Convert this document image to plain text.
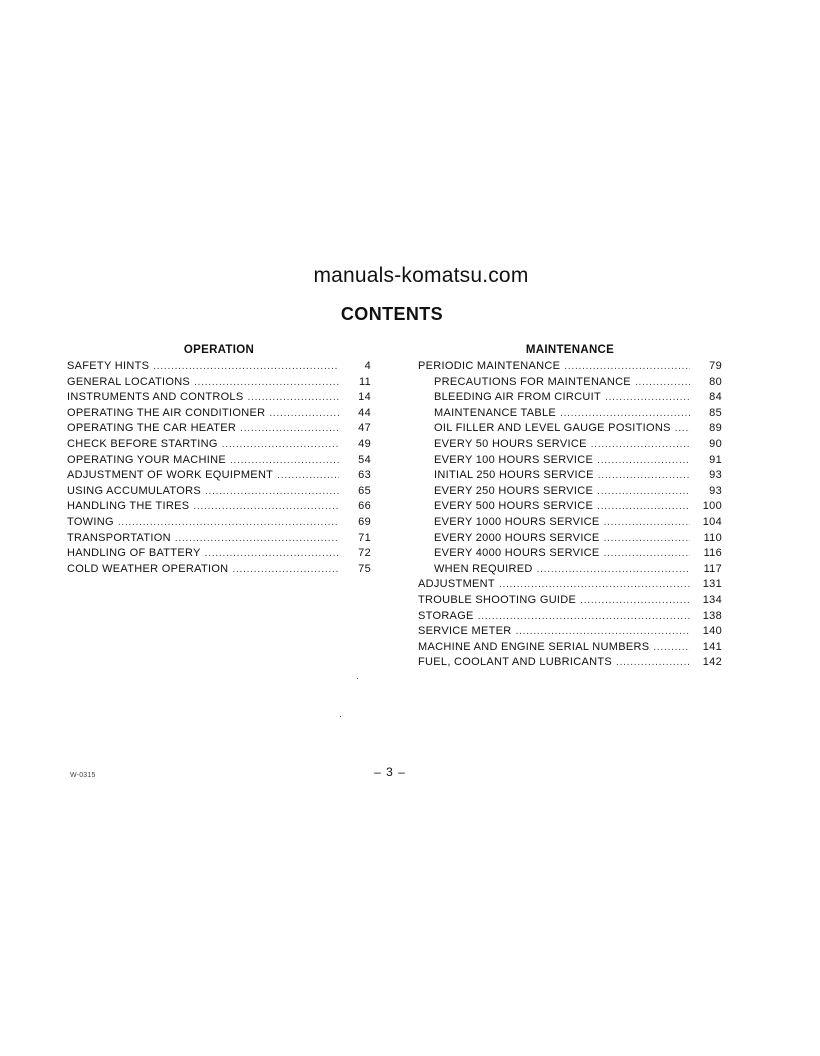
manuals-komatsu.com
CONTENTS
OPERATION
SAFETY HINTS . . .	4
GENERAL LOCATIONS . . .	11
INSTRUMENTS AND CONTROLS . . .	14
OPERATING THE AIR CONDITIONER . . .	44
OPERATING THE CAR HEATER . . .	47
CHECK BEFORE STARTING . . .	49
OPERATING YOUR MACHINE . . .	54
ADJUSTMENT OF WORK EQUIPMENT . . .	63
USING ACCUMULATORS . . .	65
HANDLING THE TIRES . . .	66
TOWING . . .	69
TRANSPORTATION . . .	71
HANDLING OF BATTERY . . .	72
COLD WEATHER OPERATION . . .	75
MAINTENANCE
PERIODIC MAINTENANCE . . .	79
PRECAUTIONS FOR MAINTENANCE . . .	80
BLEEDING AIR FROM CIRCUIT . . .	84
MAINTENANCE TABLE . . .	85
OIL FILLER AND LEVEL GAUGE POSITIONS . . .	89
EVERY 50 HOURS SERVICE . . .	90
EVERY 100 HOURS SERVICE . . .	91
INITIAL 250 HOURS SERVICE . . .	93
EVERY 250 HOURS SERVICE . . .	93
EVERY 500 HOURS SERVICE . . .	100
EVERY 1000 HOURS SERVICE . . .	104
EVERY 2000 HOURS SERVICE . . .	110
EVERY 4000 HOURS SERVICE . . .	116
WHEN REQUIRED . . .	117
ADJUSTMENT . . .	131
TROUBLE SHOOTING GUIDE . . .	134
STORAGE . . .	138
SERVICE METER . . .	140
MACHINE AND ENGINE SERIAL NUMBERS . . .	141
FUEL, COOLANT AND LUBRICANTS . . .	142
– 3 –
W-0315
